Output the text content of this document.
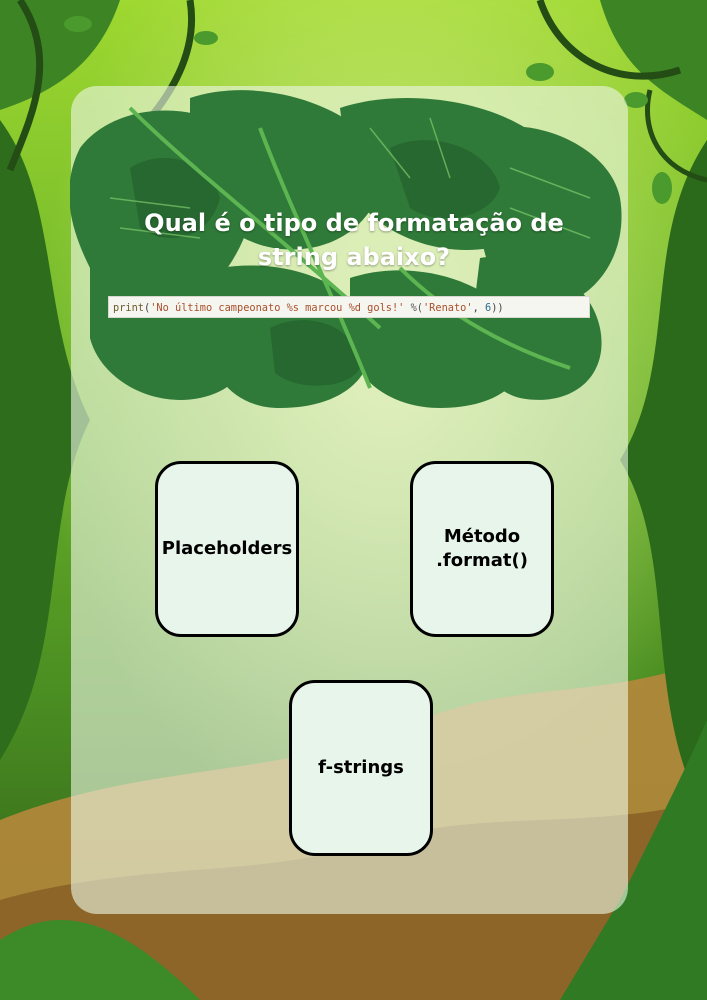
Qual é o tipo de formatação de string abaixo?
print('No último campeonato %s marcou %d gols!' %('Renato', 6))
Placeholders
Método .format()
f-strings
